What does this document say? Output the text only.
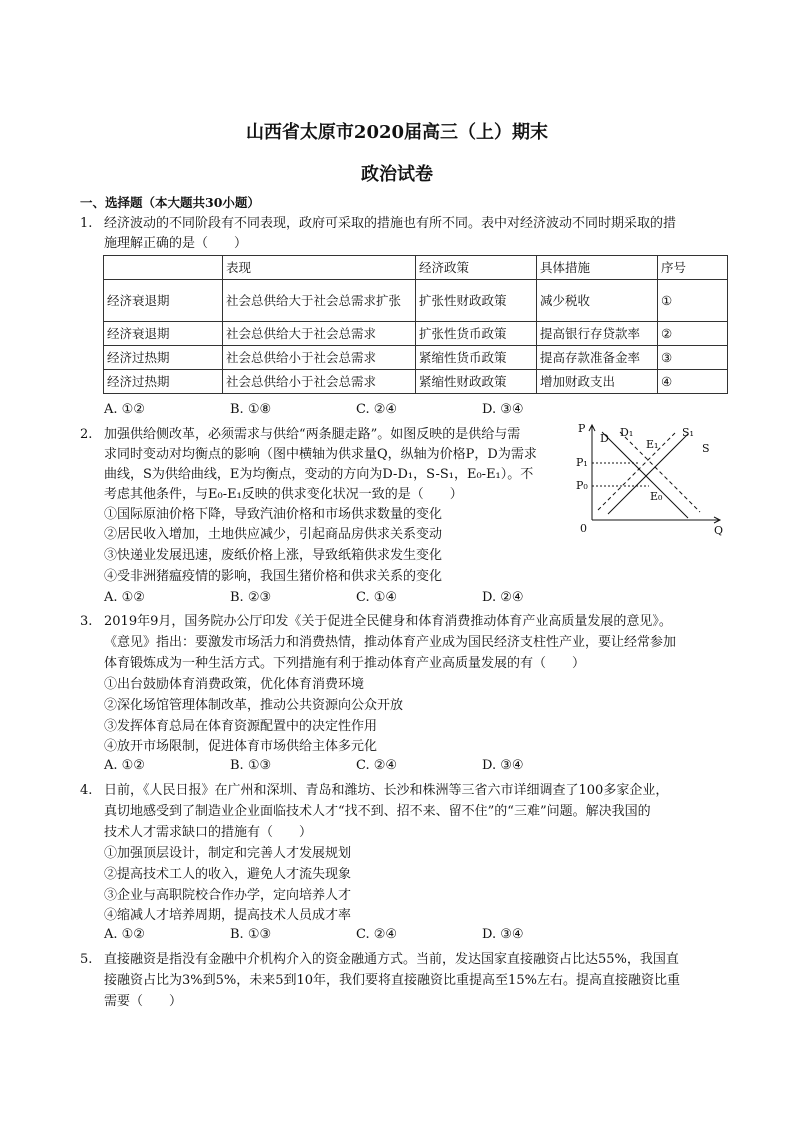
山西省太原市2020届高三（上）期末
政治试卷
一、选择题（本大题共30小题）
1. 经济波动的不同阶段有不同表现，政府可采取的措施也有所不同。表中对经济波动不同时期采取的措
施理解正确的是（　　）
	表现	经济政策	具体措施	序号
经济衰退期	社会总供给大于社会总需求扩张	扩张性财政政策	减少税收	①
经济衰退期	社会总供给大于社会总需求	扩张性货币政策	提高银行存贷款率	②
经济过热期	社会总供给小于社会总需求	紧缩性货币政策	提高存款准备金率	③
经济过热期	社会总供给小于社会总需求	紧缩性财政政策	增加财政支出	④
A. ①②	B. ①⑧	C. ②④	D. ③④
2. 加强供给侧改革，必须需求与供给“两条腿走路”。如图反映的是供给与需
求同时变动对均衡点的影响（图中横轴为供求量Q，纵轴为价格P，D为需求
曲线，S为供给曲线，E为均衡点，变动的方向为D-D₁，S-S₁，E₀-E₁）。不
考虑其他条件，与E₀-E₁反映的供求变化状况一致的是（　　）
①国际原油价格下降，导致汽油价格和市场供求数量的变化
②居民收入增加，土地供应减少，引起商品房供求关系变动
③快递业发展迅速，废纸价格上涨，导致纸箱供求发生变化
④受非洲猪瘟疫情的影响，我国生猪价格和供求关系的变化
P
D D₁
E₁
S₁
S
P₁
P₀
E₀
0	Q
A. ①②	B. ②③	C. ①④	D. ②④
3. 2019年9月，国务院办公厅印发《关于促进全民健身和体育消费推动体育产业高质量发展的意见》。
《意见》指出：要激发市场活力和消费热情，推动体育产业成为国民经济支柱性产业，要让经常参加
体育锻炼成为一种生活方式。下列措施有利于推动体育产业高质量发展的有（　　）
①出台鼓励体育消费政策，优化体育消费环境
②深化场馆管理体制改革，推动公共资源向公众开放
③发挥体育总局在体育资源配置中的决定性作用
④放开市场限制，促进体育市场供给主体多元化
A. ①②	B. ①③	C. ②④	D. ③④
4. 日前，《人民日报》在广州和深圳、青岛和潍坊、长沙和株洲等三省六市详细调查了100多家企业，
真切地感受到了制造业企业面临技术人才“找不到、招不来、留不住”的“三难”问题。解决我国的
技术人才需求缺口的措施有（　　）
①加强顶层设计，制定和完善人才发展规划
②提高技术工人的收入，避免人才流失现象
③企业与高职院校合作办学，定向培养人才
④缩减人才培养周期，提高技术人员成才率
A. ①②	B. ①③	C. ②④	D. ③④
5. 直接融资是指没有金融中介机构介入的资金融通方式。当前，发达国家直接融资占比达55%，我国直
接融资占比为3%到5%，未来5到10年，我们要将直接融资比重提高至15%左右。提高直接融资比重
需要（　　）
